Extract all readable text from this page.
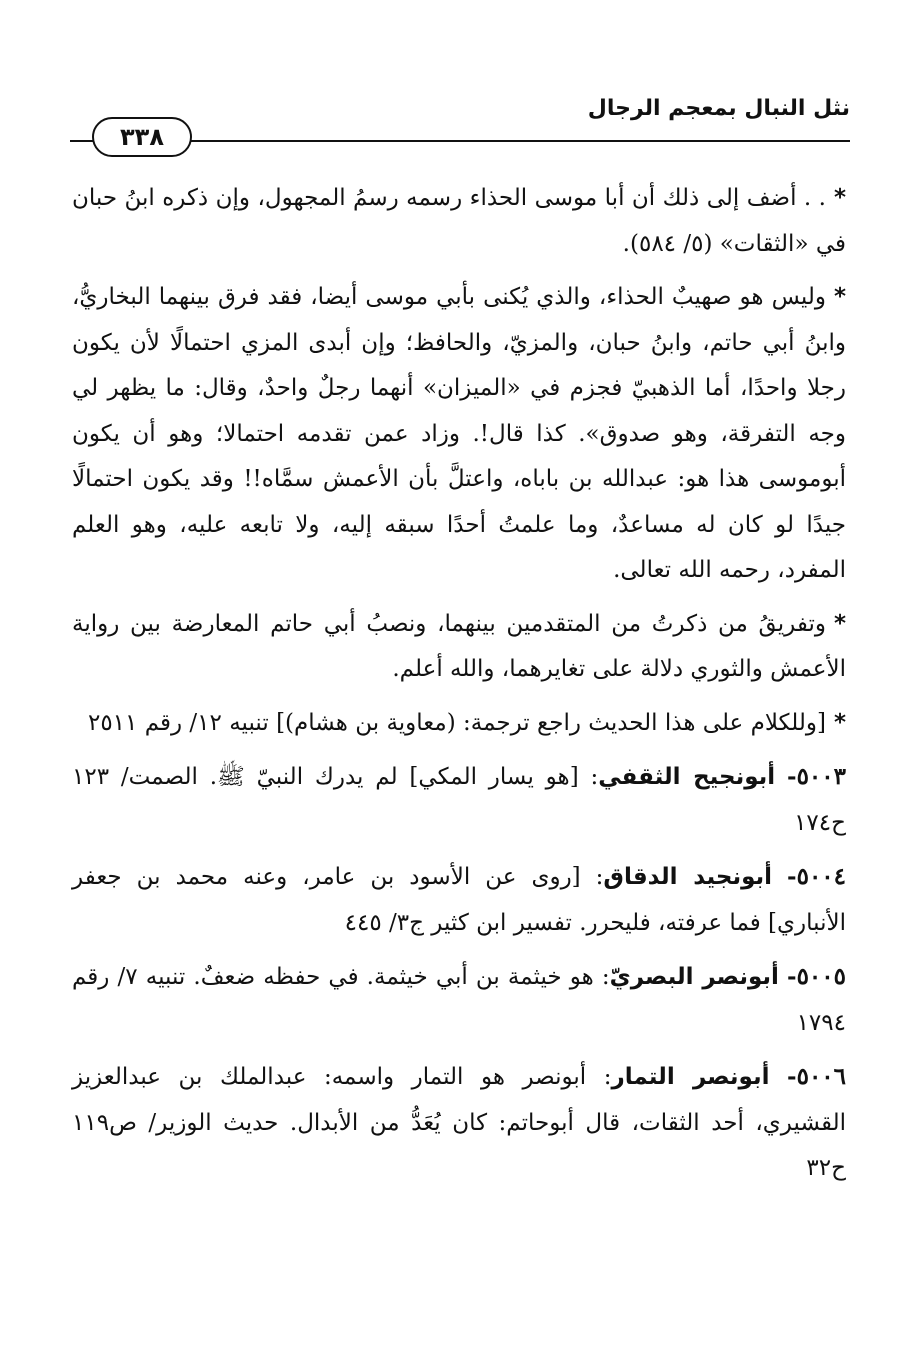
نثل النبال بمعجم الرجال
٣٣٨

*. . أضف إلى ذلك أن أبا موسى الحذاء رسمه رسمُ المجهول، وإن ذكره ابنُ حبان في «الثقات» (٥/ ٥٨٤).

*وليس هو صهيبٌ الحذاء، والذي يُكنى بأبي موسى أيضا، فقد فرق بينهما البخاريُّ، وابنُ أبي حاتم، وابنُ حبان، والمزيّ، والحافظ؛ وإن أبدى المزي احتمالًا لأن يكون رجلا واحدًا، أما الذهبيّ فجزم في «الميزان» أنهما رجلٌ واحدٌ، وقال: ما يظهر لي وجه التفرقة، وهو صدوق». كذا قال!. وزاد عمن تقدمه احتمالا؛ وهو أن يكون أبوموسى هذا هو: عبدالله بن باباه، واعتلَّ بأن الأعمش سمَّاه!! وقد يكون احتمالًا جيدًا لو كان له مساعدٌ، وما علمتُ أحدًا سبقه إليه، ولا تابعه عليه، وهو العلم المفرد، رحمه الله تعالى.

*وتفريقُ من ذكرتُ من المتقدمين بينهما، ونصبُ أبي حاتم المعارضة بين رواية الأعمش والثوري دلالة على تغايرهما، والله أعلم.

*[وللكلام على هذا الحديث راجع ترجمة: (معاوية بن هشام)] تنبيه ١٢/ رقم ٢٥١١

٥٠٠٣- أبونجيح الثقفي: [هو يسار المكي] لم يدرك النبيّ ﷺ. الصمت/ ١٢٣ ح١٧٤

٥٠٠٤- أبونجيد الدقاق: [روى عن الأسود بن عامر، وعنه محمد بن جعفر الأنباري] فما عرفته، فليحرر. تفسير ابن كثير ج٣/ ٤٤٥

٥٠٠٥- أبونصر البصريّ: هو خيثمة بن أبي خيثمة. في حفظه ضعفٌ. تنبيه ٧/ رقم ١٧٩٤

٥٠٠٦- أبونصر التمار: أبونصر هو التمار واسمه: عبدالملك بن عبدالعزيز القشيري، أحد الثقات، قال أبوحاتم: كان يُعَدُّ من الأبدال. حديث الوزير/ ص١١٩ ح٣٢
